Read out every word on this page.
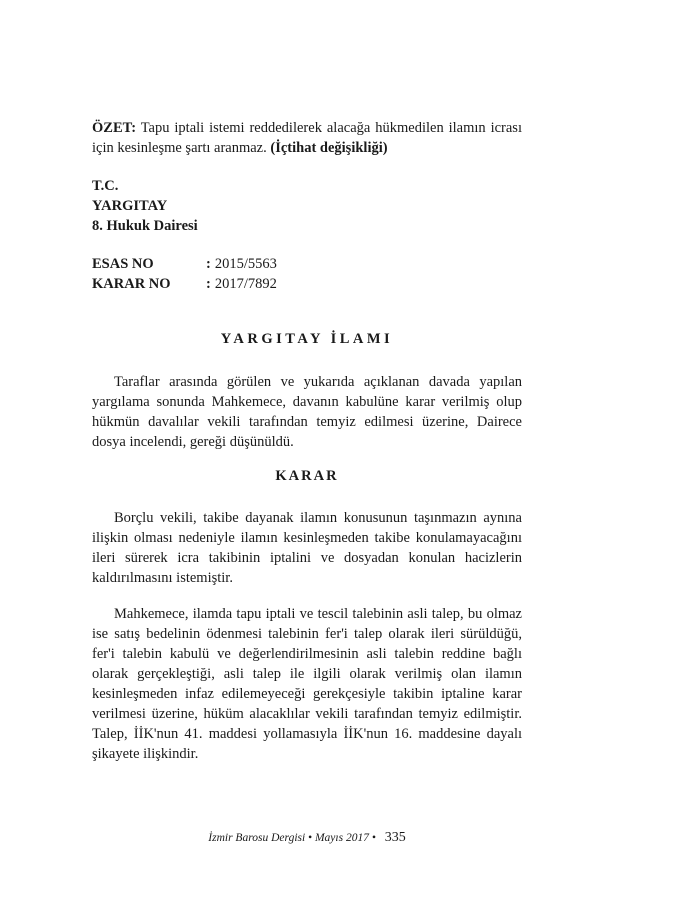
ÖZET: Tapu iptali istemi reddedilerek alacağa hükmedilen ilamın icrası için kesinleşme şartı aranmaz. (İçtihat değişikliği)
T.C.
YARGITAY
8. Hukuk Dairesi
ESAS NO	: 2015/5563
KARAR NO	: 2017/7892
YARGITAY İLAMI

Taraflar arasında görülen ve yukarıda açıklanan davada yapılan yargılama sonunda Mahkemece, davanın kabulüne karar verilmiş olup hükmün davalılar vekili tarafından temyiz edilmesi üzerine, Dairece dosya incelendi, gereği düşünüldü.

KARAR

Borçlu vekili, takibe dayanak ilamın konusunun taşınmazın aynına ilişkin olması nedeniyle ilamın kesinleşmeden takibe konulamayacağını ileri sürerek icra takibinin iptalini ve dosyadan konulan hacizlerin kaldırılmasını istemiştir.

Mahkemece, ilamda tapu iptali ve tescil talebinin asli talep, bu olmaz ise satış bedelinin ödenmesi talebinin fer'i talep olarak ileri sürüldüğü, fer'i talebin kabulü ve değerlendirilmesinin asli talebin reddine bağlı olarak gerçekleştiği, asli talep ile ilgili olarak verilmiş olan ilamın kesinleşmeden infaz edilemeyeceği gerekçesiyle takibin iptaline karar verilmesi üzerine, hüküm alacaklılar vekili tarafından temyiz edilmiştir. Talep, İİK'nun 41. maddesi yollamasıyla İİK'nun 16. maddesine dayalı şikayete ilişkindir.

İzmir Barosu Dergisi • Mayıs 2017 • 335
